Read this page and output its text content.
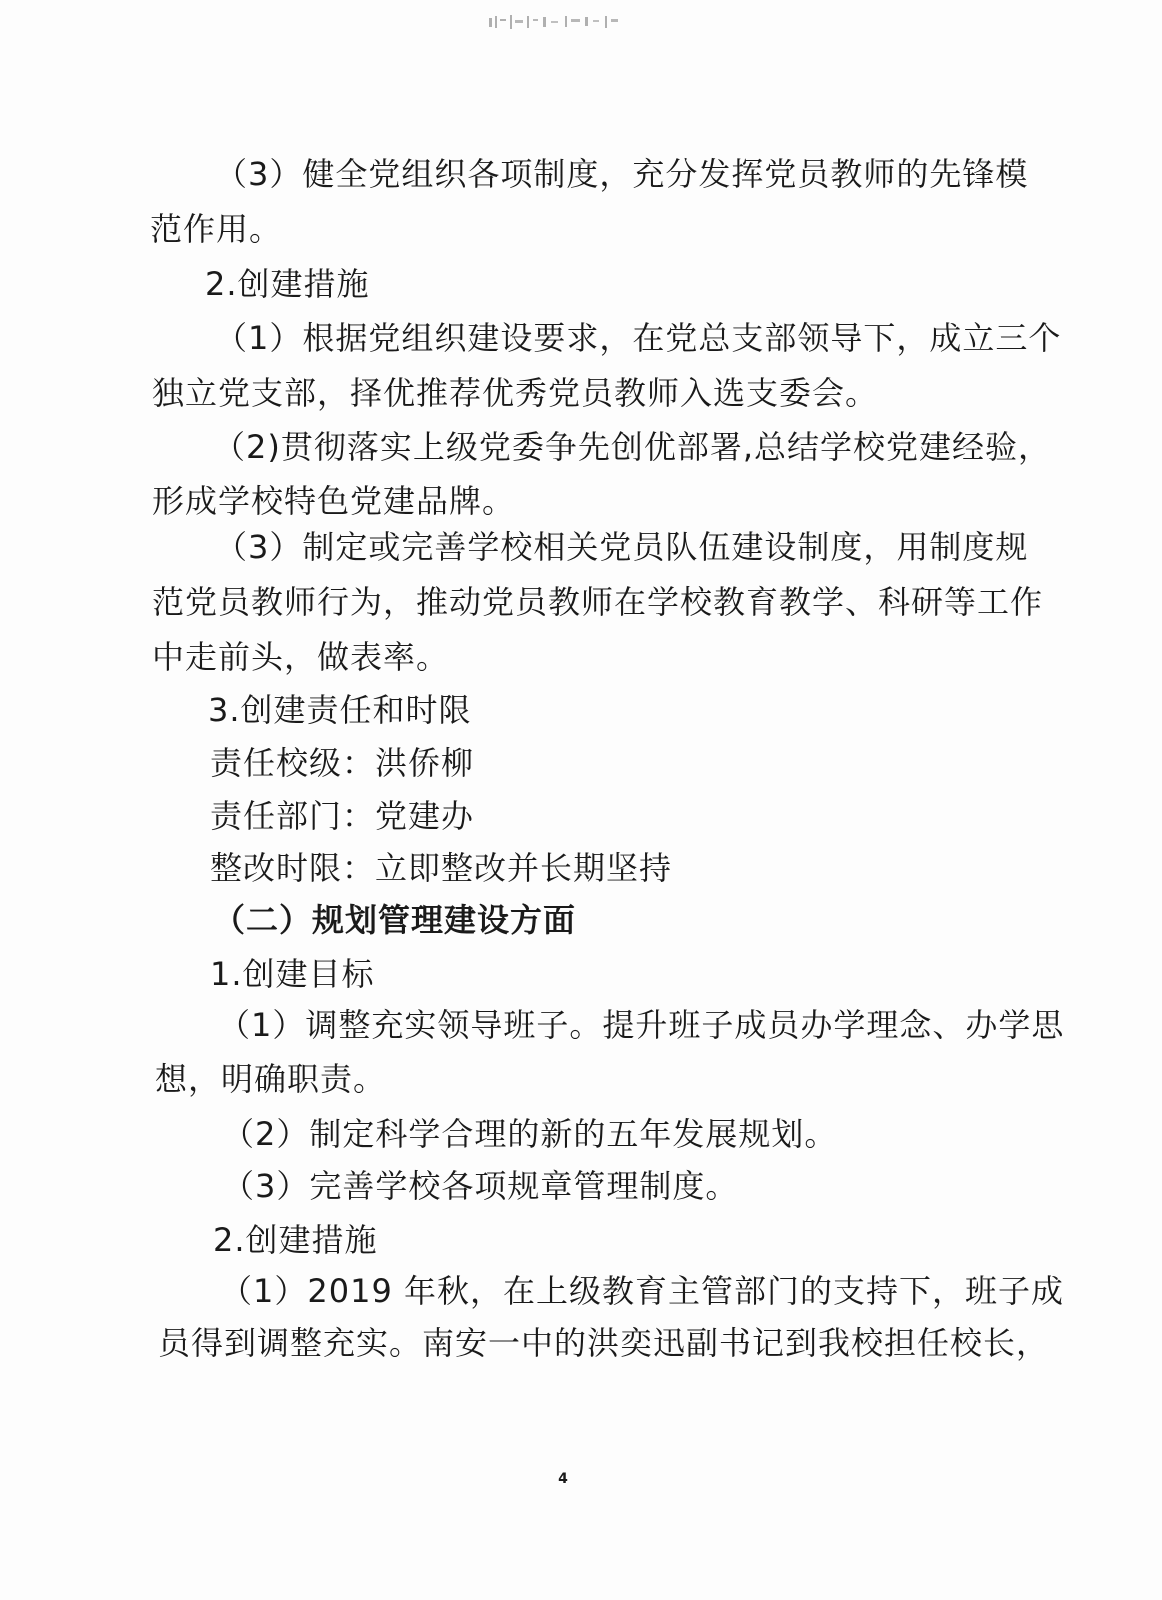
（3）健全党组织各项制度，充分发挥党员教师的先锋模
范作用。
2.创建措施
（1）根据党组织建设要求，在党总支部领导下，成立三个
独立党支部，择优推荐优秀党员教师入选支委会。
（2)贯彻落实上级党委争先创优部署,总结学校党建经验，
形成学校特色党建品牌。
（3）制定或完善学校相关党员队伍建设制度，用制度规
范党员教师行为，推动党员教师在学校教育教学、科研等工作
中走前头，做表率。
3.创建责任和时限
责任校级：洪侨柳
责任部门：党建办
整改时限：立即整改并长期坚持
（二）规划管理建设方面
1.创建目标
（1）调整充实领导班子。提升班子成员办学理念、办学思
想，明确职责。
（2）制定科学合理的新的五年发展规划。
（3）完善学校各项规章管理制度。
2.创建措施
（1）2019 年秋，在上级教育主管部门的支持下，班子成
员得到调整充实。南安一中的洪奕迅副书记到我校担任校长，
4
